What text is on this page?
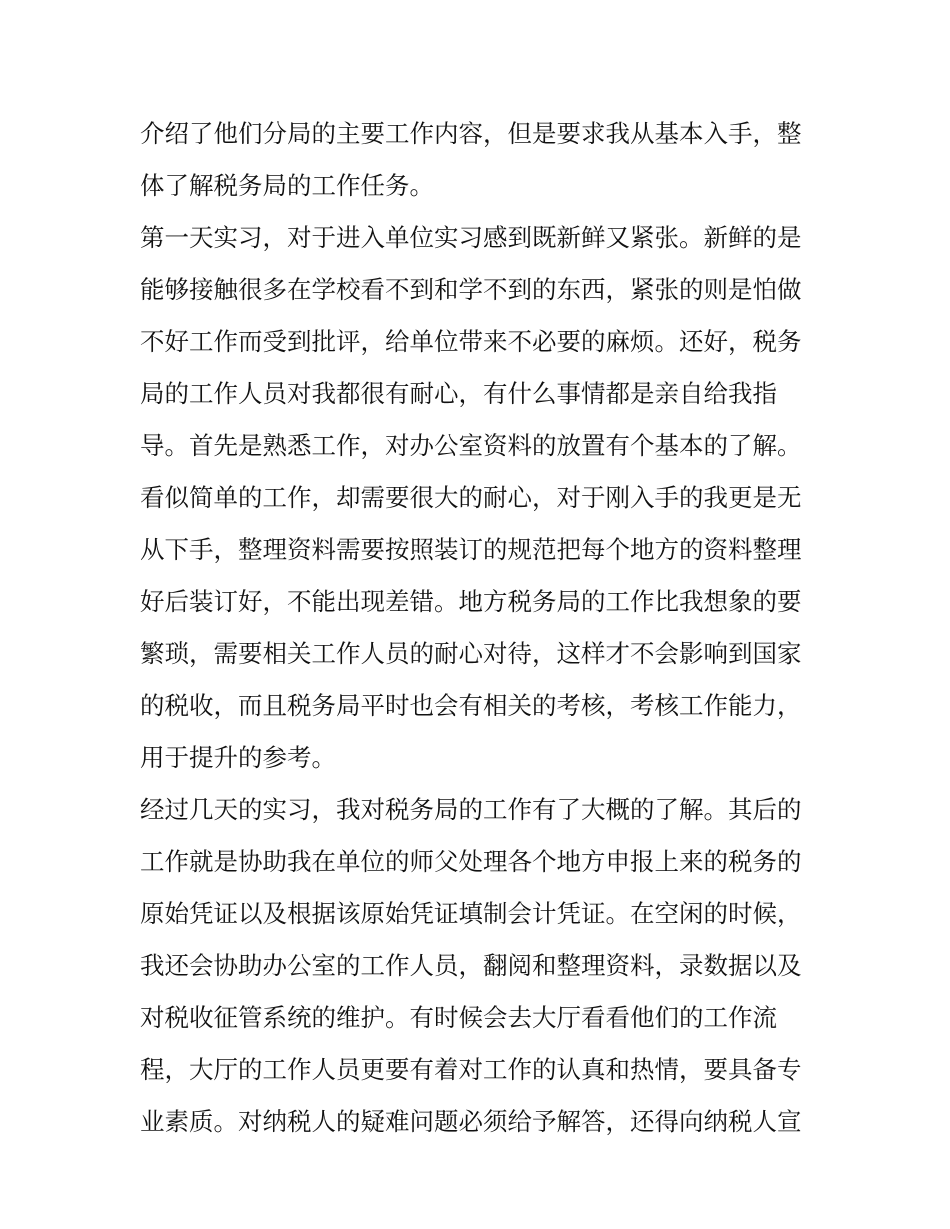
介绍了他们分局的主要工作内容，但是要求我从基本入手，整
体了解税务局的工作任务。
第一天实习，对于进入单位实习感到既新鲜又紧张。新鲜的是
能够接触很多在学校看不到和学不到的东西，紧张的则是怕做
不好工作而受到批评，给单位带来不必要的麻烦。还好，税务
局的工作人员对我都很有耐心，有什么事情都是亲自给我指
导。首先是熟悉工作，对办公室资料的放置有个基本的了解。
看似简单的工作，却需要很大的耐心，对于刚入手的我更是无
从下手，整理资料需要按照装订的规范把每个地方的资料整理
好后装订好，不能出现差错。地方税务局的工作比我想象的要
繁琐，需要相关工作人员的耐心对待，这样才不会影响到国家
的税收，而且税务局平时也会有相关的考核，考核工作能力，
用于提升的参考。
经过几天的实习，我对税务局的工作有了大概的了解。其后的
工作就是协助我在单位的师父处理各个地方申报上来的税务的
原始凭证以及根据该原始凭证填制会计凭证。在空闲的时候，
我还会协助办公室的工作人员，翻阅和整理资料，录数据以及
对税收征管系统的维护。有时候会去大厅看看他们的工作流
程，大厅的工作人员更要有着对工作的认真和热情，要具备专
业素质。对纳税人的疑难问题必须给予解答，还得向纳税人宣
